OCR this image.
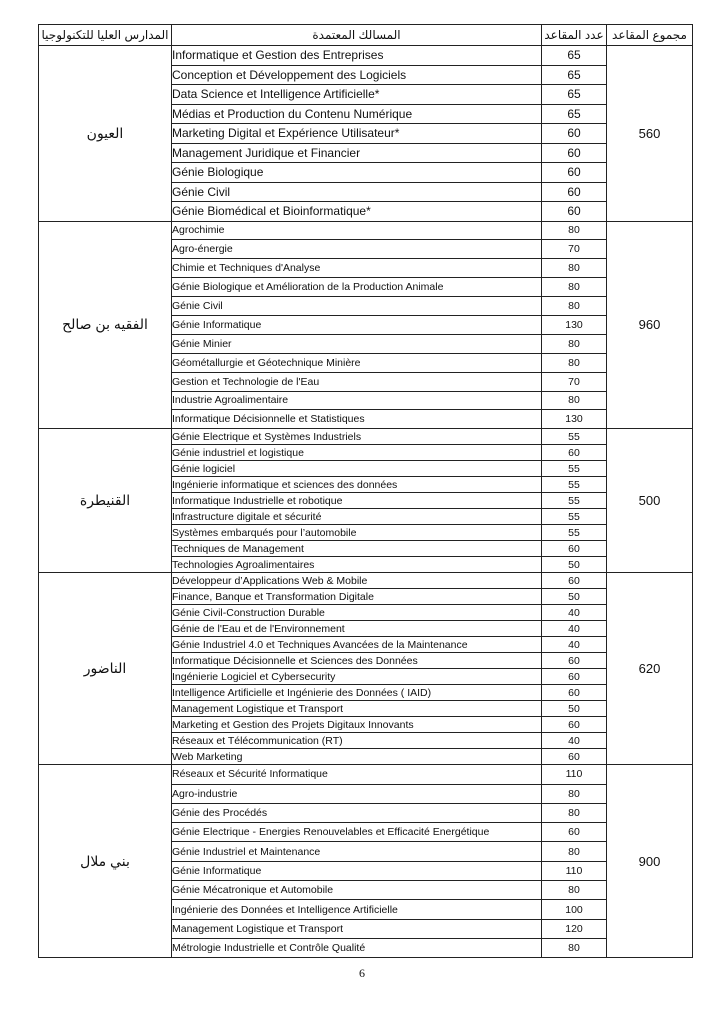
المدارس العليا للتكنولوجيا	المسالك المعتمدة	عدد المقاعد	مجموع المقاعد
العيون	Informatique et Gestion des Entreprises	65	560
	Conception et Développement des Logiciels	65	
	Data Science et Intelligence Artificielle*	65	
	Médias et Production du Contenu Numérique	65	
	Marketing Digital et Expérience Utilisateur*	60	
	Management Juridique et Financier	60	
	Génie Biologique	60	
	Génie Civil	60	
	Génie Biomédical et Bioinformatique*	60	
الفقيه بن صالح	Agrochimie	80	960
	Agro-énergie	70	
	Chimie et Techniques d'Analyse	80	
	Génie Biologique et Amélioration de la Production Animale	80	
	Génie Civil	80	
	Génie Informatique	130	
	Génie Minier	80	
	Géométallurgie et Géotechnique Minière	80	
	Gestion et Technologie de l'Eau	70	
	Industrie Agroalimentaire	80	
	Informatique Décisionnelle et Statistiques	130	
القنيطرة	Génie Electrique et Systèmes Industriels	55	500
	Génie industriel et logistique	60	
	Génie logiciel	55	
	Ingénierie informatique et sciences des données	55	
	Informatique Industrielle et robotique	55	
	Infrastructure digitale et sécurité	55	
	Systèmes embarqués pour l’automobile	55	
	Techniques de Management	60	
	Technologies Agroalimentaires	50	
الناضور	Développeur d’Applications Web & Mobile	60	620
	Finance, Banque et Transformation Digitale	50	
	Génie Civil-Construction Durable	40	
	Génie de l'Eau et de l'Environnement	40	
	Génie Industriel 4.0 et Techniques Avancées de la Maintenance	40	
	Informatique Décisionnelle et Sciences des Données	60	
	Ingénierie Logiciel et Cybersecurity	60	
	Intelligence Artificielle et Ingénierie des Données ( IAID)	60	
	Management Logistique et Transport	50	
	Marketing et Gestion des Projets Digitaux Innovants	60	
	Réseaux et Télécommunication (RT)	40	
	Web Marketing	60	
بني ملال	Réseaux et Sécurité Informatique	110	900
	Agro-industrie	80	
	Génie des Procédés	80	
	Génie Electrique - Energies Renouvelables et Efficacité Energétique	60	
	Génie Industriel et Maintenance	80	
	Génie Informatique	110	
	Génie Mécatronique et Automobile	80	
	Ingénierie des Données et Intelligence Artificielle	100	
	Management Logistique et Transport	120	
	Métrologie Industrielle et Contrôle Qualité	80	
6
